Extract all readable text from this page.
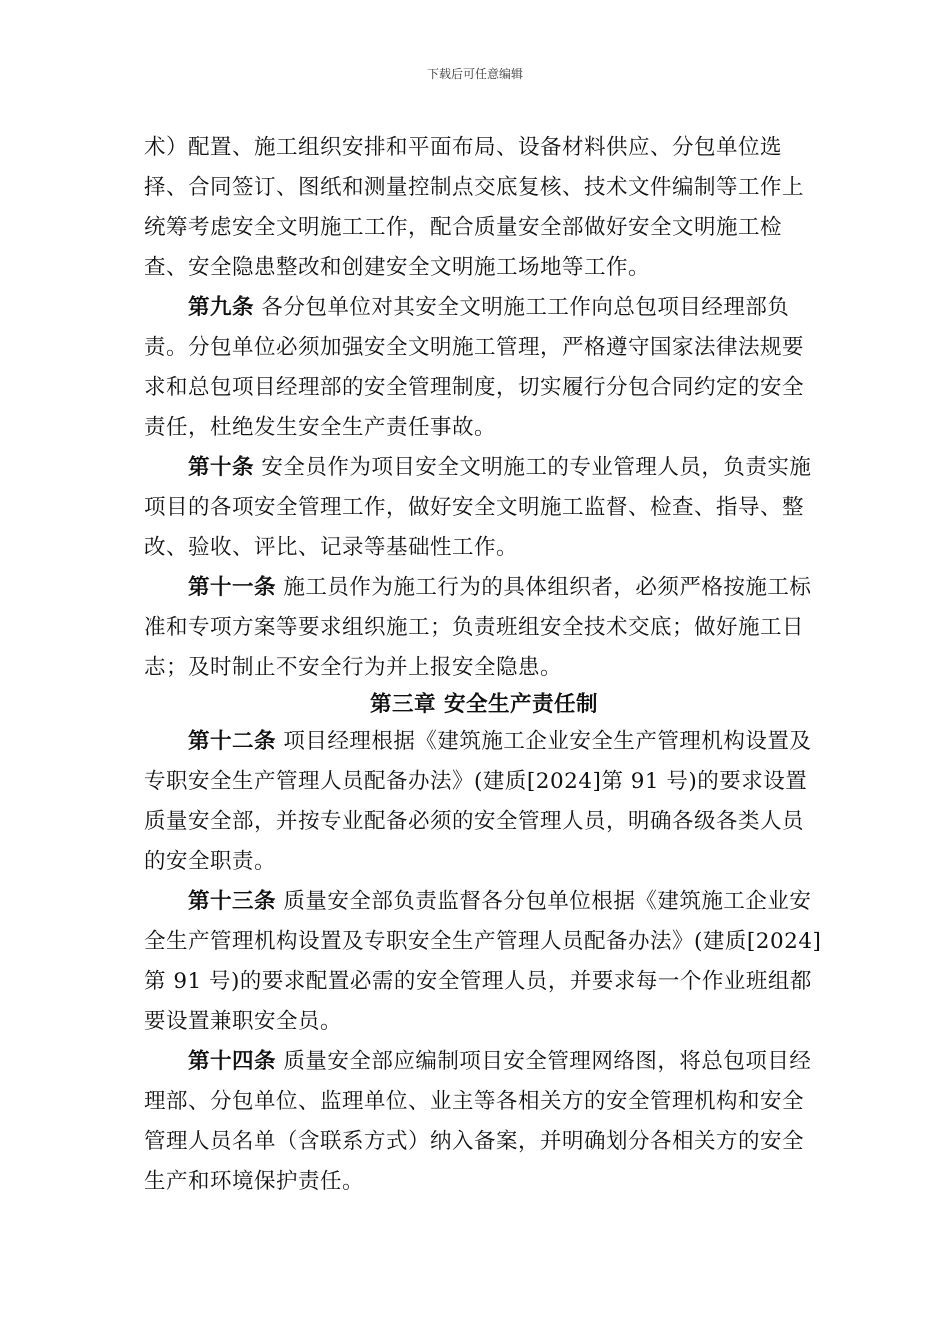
下载后可任意编辑

术）配置、施工组织安排和平面布局、设备材料供应、分包单位选择、合同签订、图纸和测量控制点交底复核、技术文件编制等工作上统筹考虑安全文明施工工作，配合质量安全部做好安全文明施工检查、安全隐患整改和创建安全文明施工场地等工作。

第九条 各分包单位对其安全文明施工工作向总包项目经理部负责。分包单位必须加强安全文明施工管理，严格遵守国家法律法规要求和总包项目经理部的安全管理制度，切实履行分包合同约定的安全责任，杜绝发生安全生产责任事故。

第十条 安全员作为项目安全文明施工的专业管理人员，负责实施项目的各项安全管理工作，做好安全文明施工监督、检查、指导、整改、验收、评比、记录等基础性工作。

第十一条 施工员作为施工行为的具体组织者，必须严格按施工标准和专项方案等要求组织施工；负责班组安全技术交底；做好施工日志；及时制止不安全行为并上报安全隐患。

第三章 安全生产责任制

第十二条 项目经理根据《建筑施工企业安全生产管理机构设置及专职安全生产管理人员配备办法》(建质[2024]第 91 号)的要求设置质量安全部，并按专业配备必须的安全管理人员，明确各级各类人员的安全职责。

第十三条 质量安全部负责监督各分包单位根据《建筑施工企业安全生产管理机构设置及专职安全生产管理人员配备办法》(建质[2024]第 91 号)的要求配置必需的安全管理人员，并要求每一个作业班组都要设置兼职安全员。

第十四条 质量安全部应编制项目安全管理网络图，将总包项目经理部、分包单位、监理单位、业主等各相关方的安全管理机构和安全管理人员名单（含联系方式）纳入备案，并明确划分各相关方的安全生产和环境保护责任。
